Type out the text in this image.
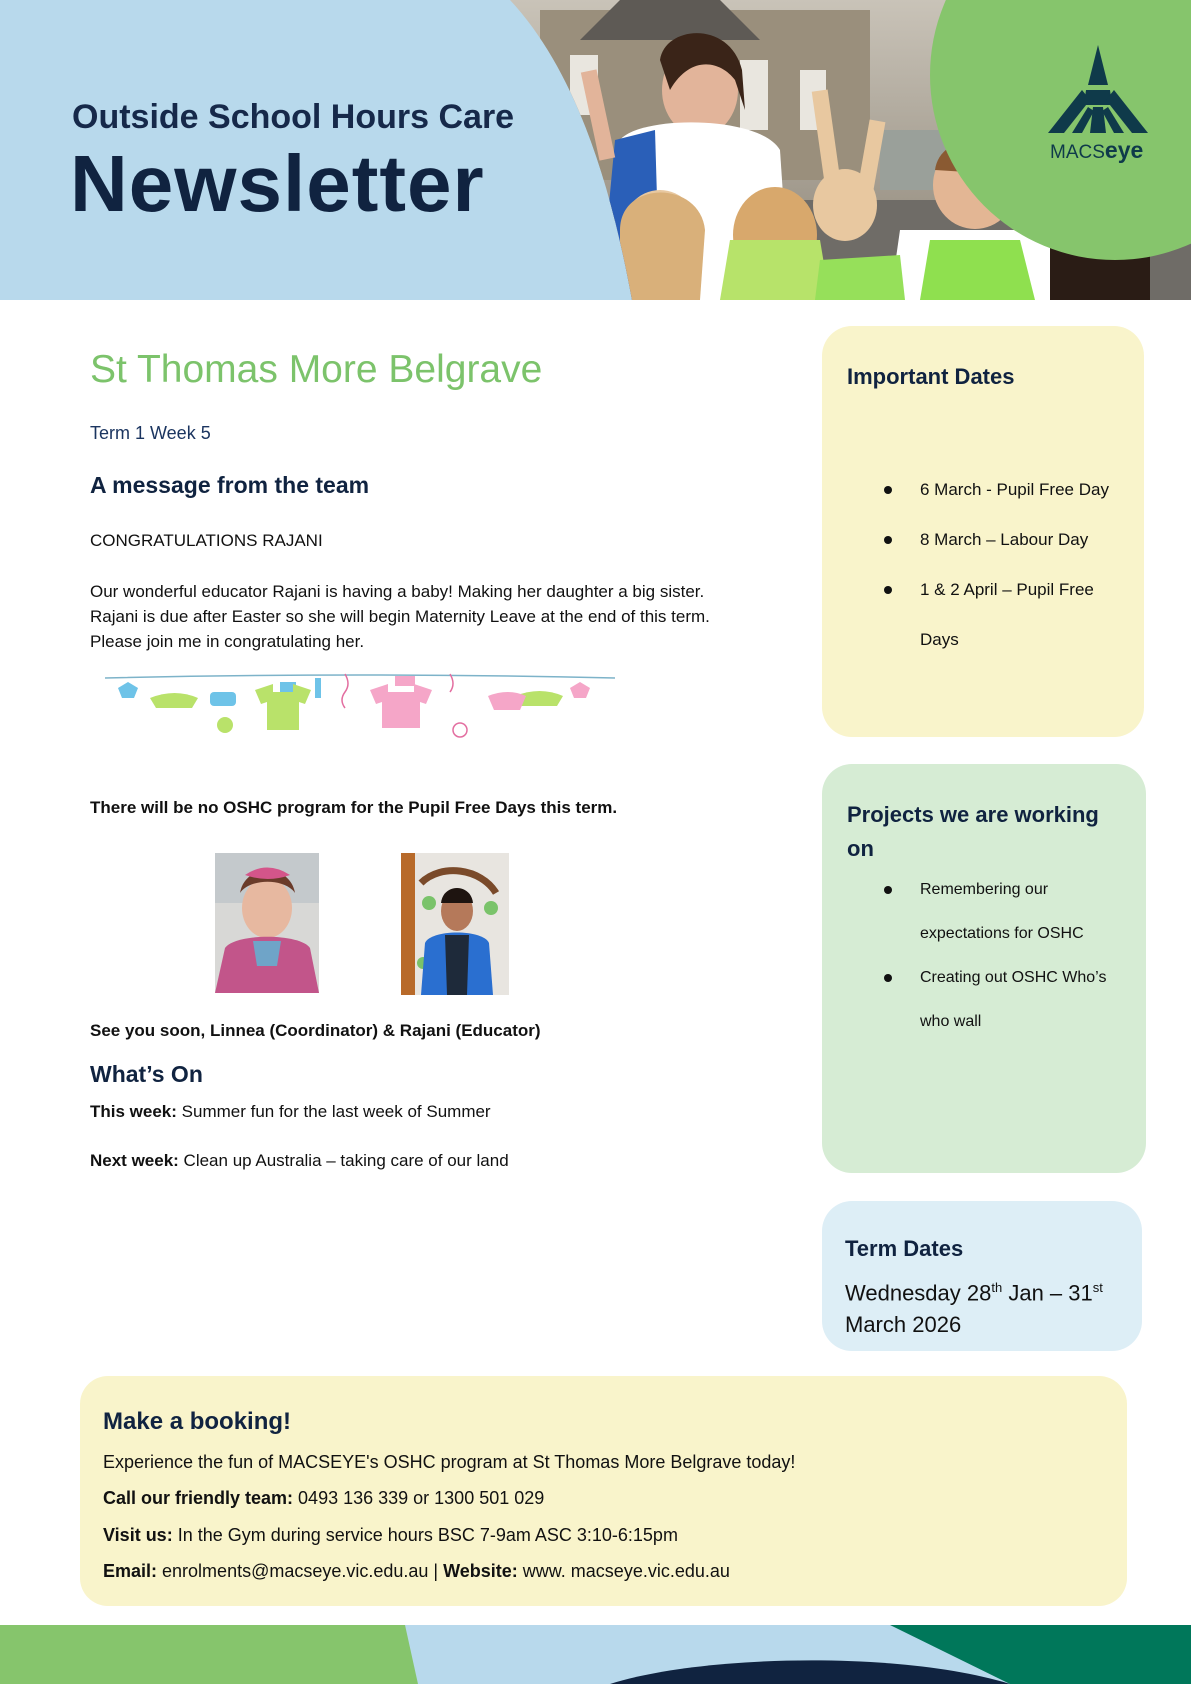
MACSeye
Outside School Hours Care
Newsletter
St Thomas More Belgrave
Term 1 Week 5
A message from the team
CONGRATULATIONS RAJANI
Our wonderful educator Rajani is having a baby! Making her daughter a big sister. Rajani is due after Easter so she will begin Maternity Leave at the end of this term. Please join me in congratulating her.
There will be no OSHC program for the Pupil Free Days this term.
See you soon, Linnea (Coordinator) & Rajani (Educator)
What’s On
This week: Summer fun for the last week of Summer
Next week: Clean up Australia – taking care of our land
Important Dates
6 March - Pupil Free Day
8 March – Labour Day
1 & 2 April – Pupil Free
Days
Projects we are working
on
Remembering our
expectations for OSHC
Creating out OSHC Who’s
who wall
Term Dates
Wednesday 28th Jan – 31st
March 2026
Make a booking!
Experience the fun of MACSEYE's OSHC program at St Thomas More Belgrave today!
Call our friendly team: 0493 136 339 or 1300 501 029
Visit us: In the Gym during service hours BSC 7-9am ASC 3:10-6:15pm
Email: enrolments@macseye.vic.edu.au | Website: www. macseye.vic.edu.au
